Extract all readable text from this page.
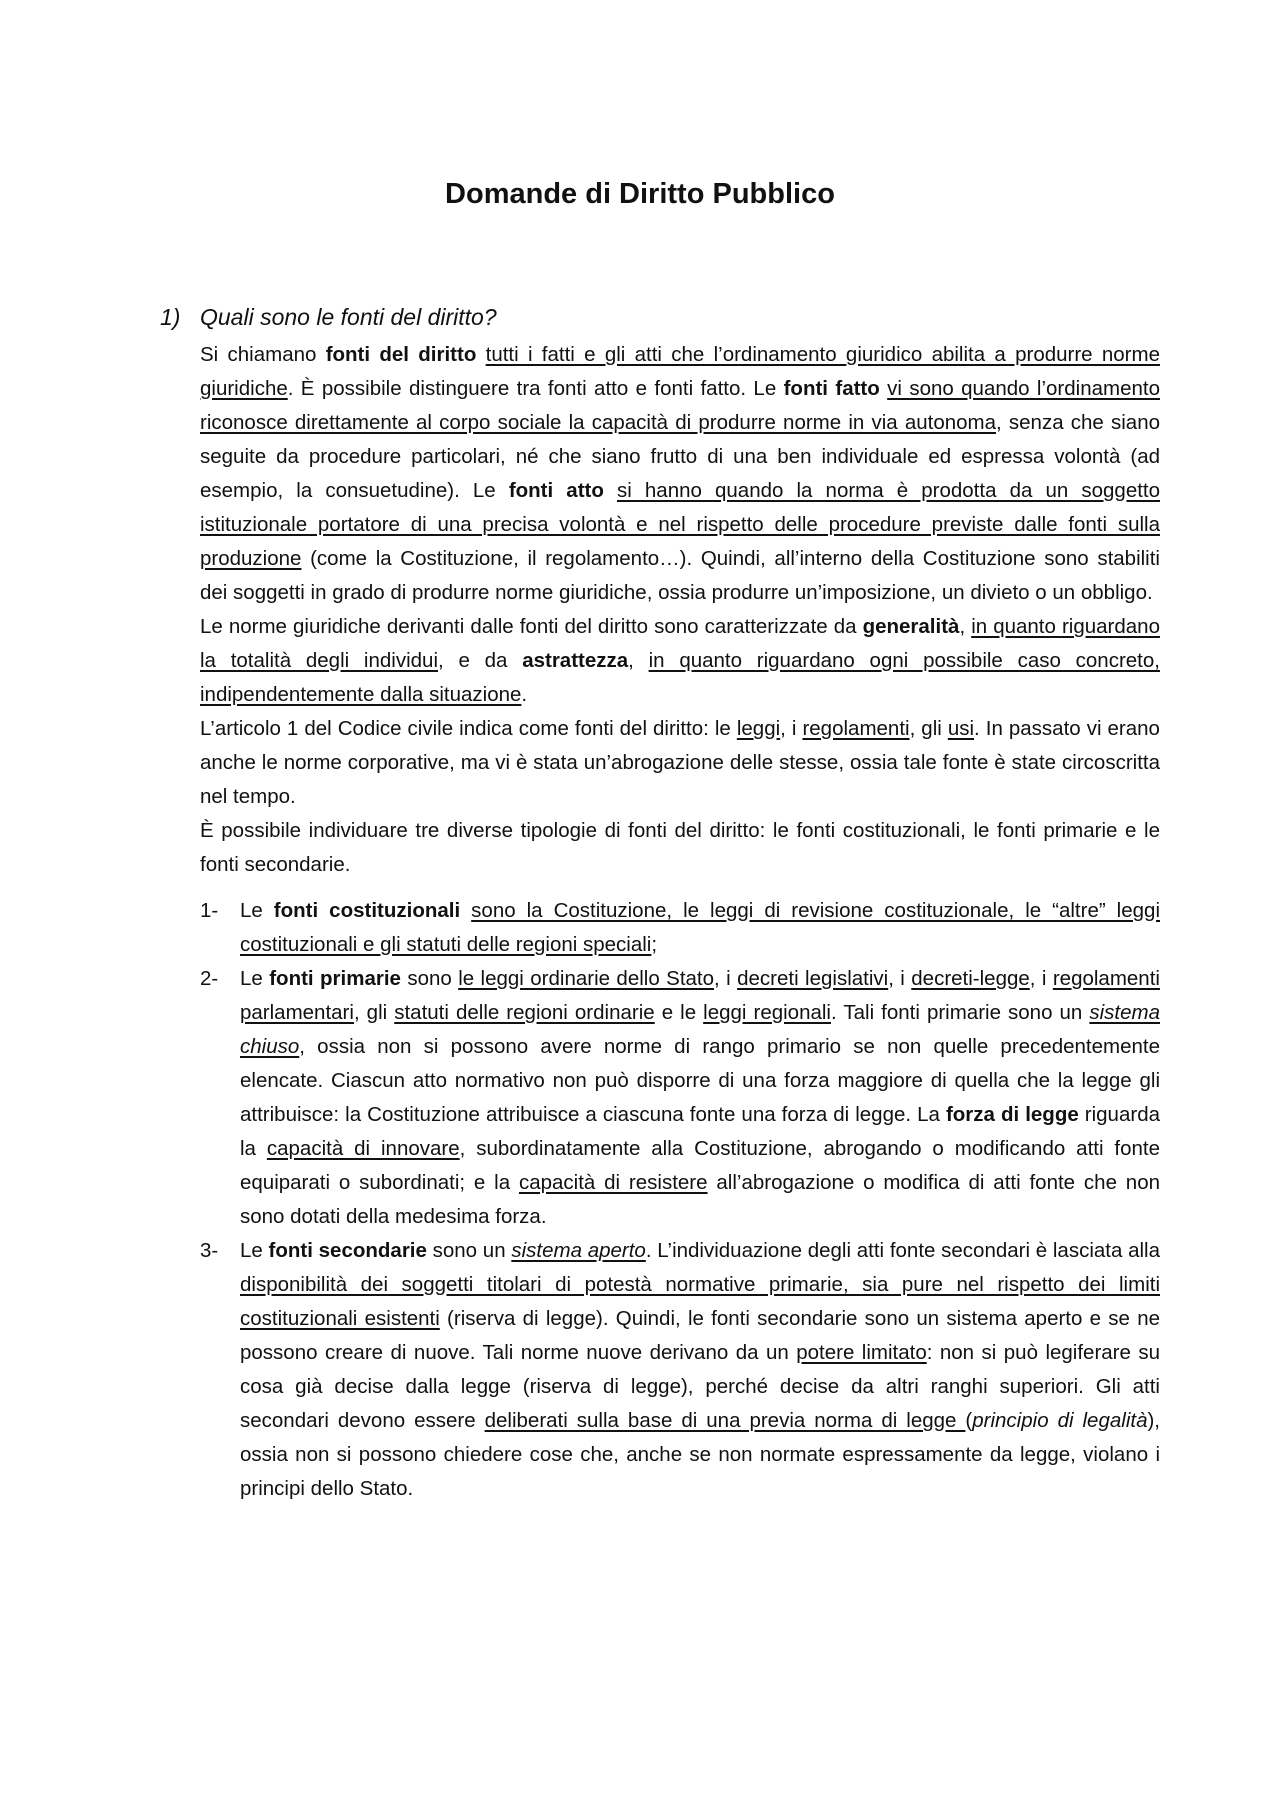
Domande di Diritto Pubblico
1) Quali sono le fonti del diritto?

Si chiamano fonti del diritto tutti i fatti e gli atti che l’ordinamento giuridico abilita a produrre norme giuridiche. È possibile distinguere tra fonti atto e fonti fatto. Le fonti fatto vi sono quando l’ordinamento riconosce direttamente al corpo sociale la capacità di produrre norme in via autonoma, senza che siano seguite da procedure particolari, né che siano frutto di una ben individuale ed espressa volontà (ad esempio, la consuetudine). Le fonti atto si hanno quando la norma è prodotta da un soggetto istituzionale portatore di una precisa volontà e nel rispetto delle procedure previste dalle fonti sulla produzione (come la Costituzione, il regolamento…). Quindi, all’interno della Costituzione sono stabiliti dei soggetti in grado di produrre norme giuridiche, ossia produrre un’imposizione, un divieto o un obbligo.

Le norme giuridiche derivanti dalle fonti del diritto sono caratterizzate da generalità, in quanto riguardano la totalità degli individui, e da astrattezza, in quanto riguardano ogni possibile caso concreto, indipendentemente dalla situazione.

L’articolo 1 del Codice civile indica come fonti del diritto: le leggi, i regolamenti, gli usi. In passato vi erano anche le norme corporative, ma vi è stata un’abrogazione delle stesse, ossia tale fonte è state circoscritta nel tempo.

È possibile individuare tre diverse tipologie di fonti del diritto: le fonti costituzionali, le fonti primarie e le fonti secondarie.

1- Le fonti costituzionali sono la Costituzione, le leggi di revisione costituzionale, le “altre” leggi costituzionali e gli statuti delle regioni speciali;
2- Le fonti primarie sono le leggi ordinarie dello Stato, i decreti legislativi, i decreti-legge, i regolamenti parlamentari, gli statuti delle regioni ordinarie e le leggi regionali. Tali fonti primarie sono un sistema chiuso, ossia non si possono avere norme di rango primario se non quelle precedentemente elencate. Ciascun atto normativo non può disporre di una forza maggiore di quella che la legge gli attribuisce: la Costituzione attribuisce a ciascuna fonte una forza di legge. La forza di legge riguarda la capacità di innovare, subordinatamente alla Costituzione, abrogando o modificando atti fonte equiparati o subordinati; e la capacità di resistere all’abrogazione o modifica di atti fonte che non sono dotati della medesima forza.
3- Le fonti secondarie sono un sistema aperto. L’individuazione degli atti fonte secondari è lasciata alla disponibilità dei soggetti titolari di potestà normative primarie, sia pure nel rispetto dei limiti costituzionali esistenti (riserva di legge). Quindi, le fonti secondarie sono un sistema aperto e se ne possono creare di nuove. Tali norme nuove derivano da un potere limitato: non si può legiferare su cosa già decise dalla legge (riserva di legge), perché decise da altri ranghi superiori. Gli atti secondari devono essere deliberati sulla base di una previa norma di legge (principio di legalità), ossia non si possono chiedere cose che, anche se non normate espressamente da legge, violano i principi dello Stato.
